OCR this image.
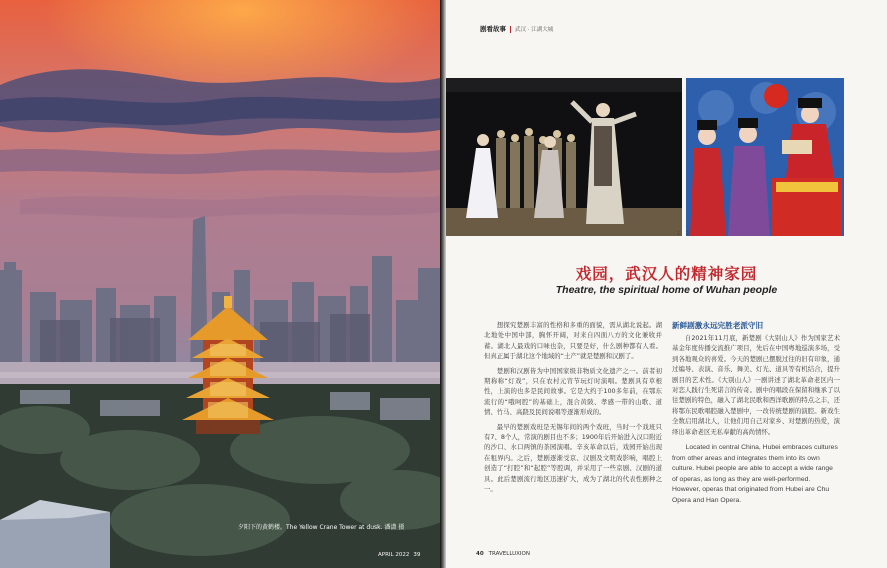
夕阳下的黄鹤楼。The Yellow Crane Tower at dusk. 潘潇 摄
APRIL 2022 39
剧看故事 武汉 · 江湖大城
1 2
戏园，武汉人的精神家园
Theatre, the spiritual home of Wuhan people

想探究楚剧丰富的性格和多重的面貌，需从湖北说起。湖北地处中国中部，胸怀开阔，对来自四面八方的文化兼收并蓄。湖北人最戏的口味也杂，只要是好，什么剧种都有人看。但真正属于湖北这个地域的“土产”就是楚剧和汉剧了。

楚剧和汉剧皆为中国国家级非物质文化遗产之一。前者初期称称“灯戏”，只在农村元宵节玩灯时演唱。楚剧具有草根性，上演的也多是民间故事。它是大约于100多年前，在鄂东流行的“哦呵腔”的基础上，混合黄陂、孝感一带的山歌、道情、竹马、高跷及民间说唱等逐渐形成的。

最早的楚剧戏班是无锡年间的两个戏班，当时一个戏班只有7、8个人，常演的剧目也不多；1900年后开始进入汉口附近的沙口、水口两镇的茶园演唱。辛亥革命以后，戏园开始出现在租界内。之后，楚剧逐渐受京、汉剧及文明戏影响，唱腔上创造了“打腔”和“起腔”等腔调，并采用了一些京剧、汉剧的道具。此后楚剧流行地区迅速扩大，成为了湖北的代表性剧种之一。

新鲜剧激永远完胜老派守旧

自2021年11月底，新楚剧《大别山人》作为国家艺术基金年度传播交流推广项目，先后在中国粤地巡演多场，受到各地观众的喜爱。今天的楚剧已摆脱过往的旧有印象，通过编导、表演、音乐、舞美、灯光、道具等有机结合，提升剧目的艺术性。《大别山人》一剧讲述了湖北革命老区内一对恋人践行生死诺言的传奇。剧中的唱段在保留和继承了以往楚剧的特色，融入了湖北民歌和西洋歌剧的特点之丰，还将鄂东民歌唱腔融入楚剧中，一改传统楚剧的演腔。新戏生全数启用湖北人，让他们用自己对家乡、对楚剧的热爱，演绎出革命老区无私奉献的高尚情怀。

Located in central China, Hubei embraces cultures from other areas and integrates them into its own culture. Hubei people are able to accept a wide range of operas, as long as they are well-performed. However, operas that originated from Hubei are Chu Opera and Han Opera.

40 TRAVELLUXION
